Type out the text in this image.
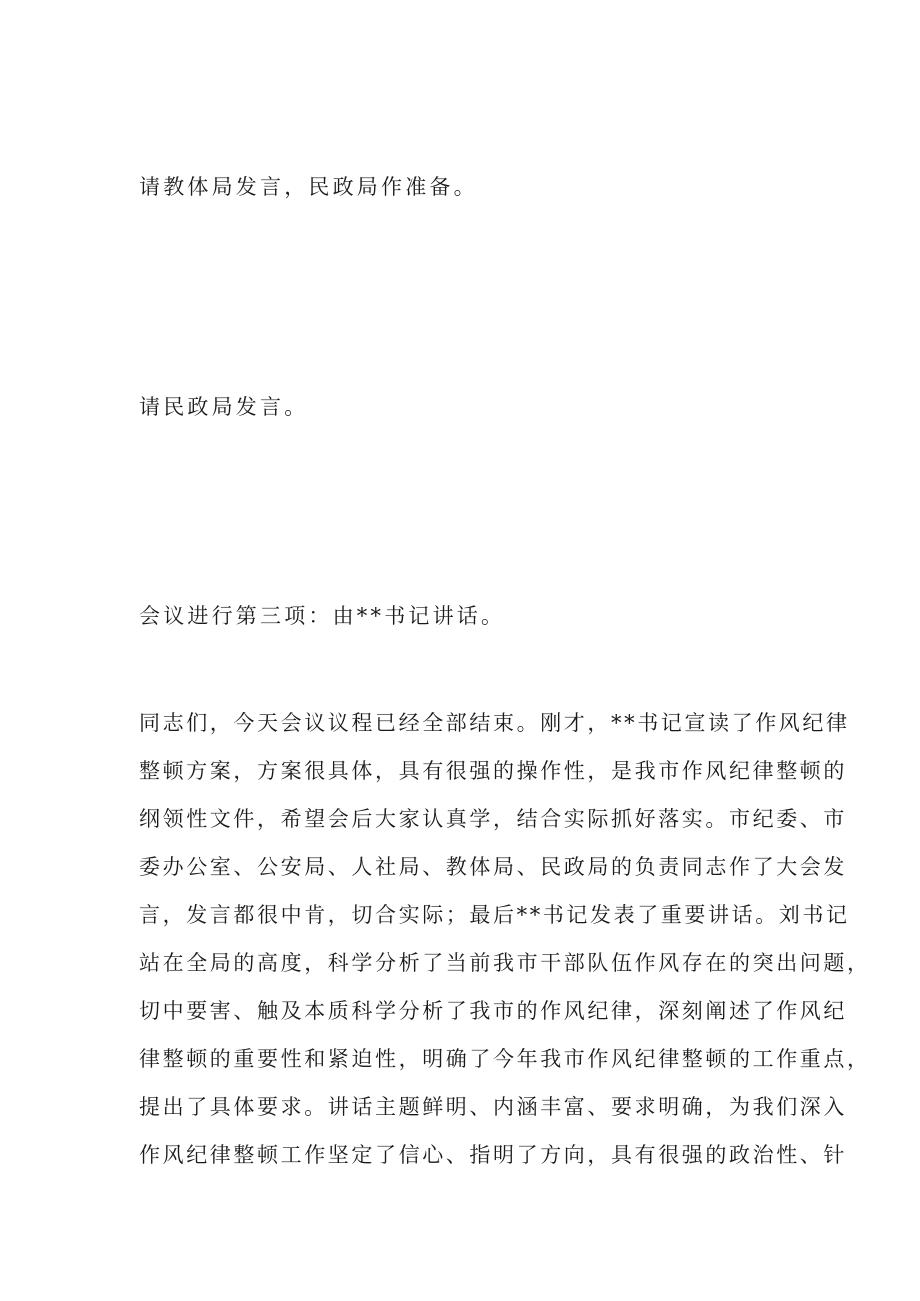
请教体局发言，民政局作准备。

请民政局发言。

会议进行第三项：由**书记讲话。

同志们，今天会议议程已经全部结束。刚才，**书记宣读了作风纪律

整顿方案，方案很具体，具有很强的操作性，是我市作风纪律整顿的

纲领性文件，希望会后大家认真学，结合实际抓好落实。市纪委、市

委办公室、公安局、人社局、教体局、民政局的负责同志作了大会发

言，发言都很中肯，切合实际；最后**书记发表了重要讲话。刘书记

站在全局的高度，科学分析了当前我市干部队伍作风存在的突出问题，

切中要害、触及本质科学分析了我市的作风纪律，深刻阐述了作风纪

律整顿的重要性和紧迫性，明确了今年我市作风纪律整顿的工作重点，

提出了具体要求。讲话主题鲜明、内涵丰富、要求明确，为我们深入

作风纪律整顿工作坚定了信心、指明了方向，具有很强的政治性、针
